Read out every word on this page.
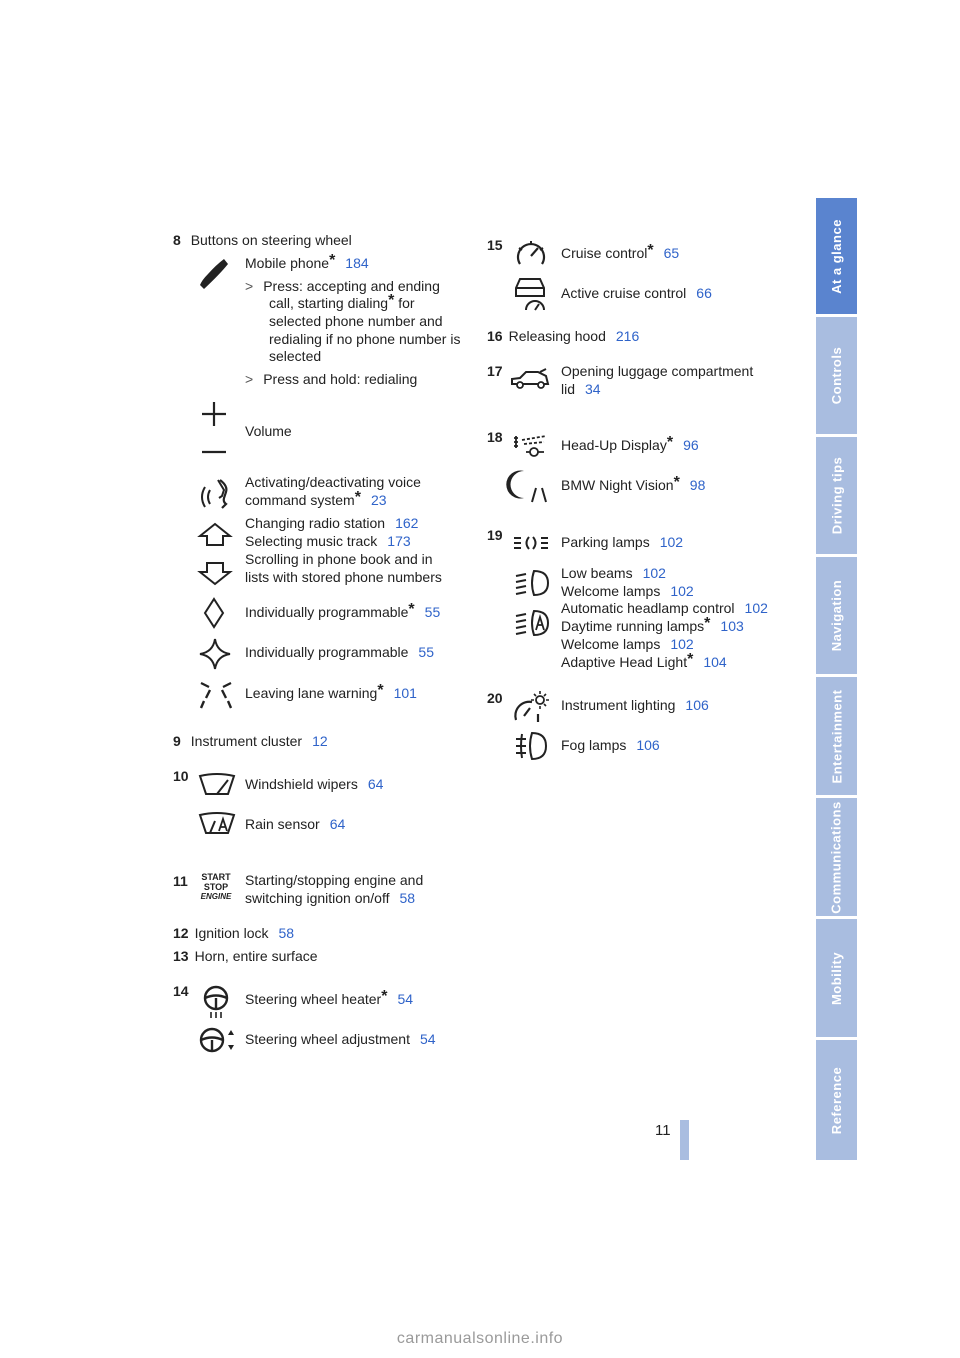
At a glance
Controls
Driving tips
Navigation
Entertainment
Communications
Mobility
Reference
11
8 Buttons on steering wheel
Mobile phone* 184
> Press: accepting and ending
call, starting dialing* for
selected phone number and
redialing if no phone number is
selected
> Press and hold: redialing
Volume
Activating/deactivating voice
command system* 23
Changing radio station 162
Selecting music track 173
Scrolling in phone book and in
lists with stored phone numbers
Individually programmable* 55
Individually programmable 55
Leaving lane warning* 101
9 Instrument cluster 12
10	Windshield wipers 64
Rain sensor 64
11	START
STOP
ENGINE
Starting/stopping engine and
switching ignition on/off 58
12 Ignition lock 58
13 Horn, entire surface
14	Steering wheel heater* 54
Steering wheel adjustment 54
15	Cruise control* 65
Active cruise control 66
16 Releasing hood 216
17	Opening luggage compartment
lid 34
18	Head-Up Display* 96
BMW Night Vision* 98
19	Parking lamps 102
Low beams 102
Welcome lamps 102
Automatic headlamp control 102
Daytime running lamps* 103
Welcome lamps 102
Adaptive Head Light* 104
20	Instrument lighting 106
Fog lamps 106
carmanualsonline.info
